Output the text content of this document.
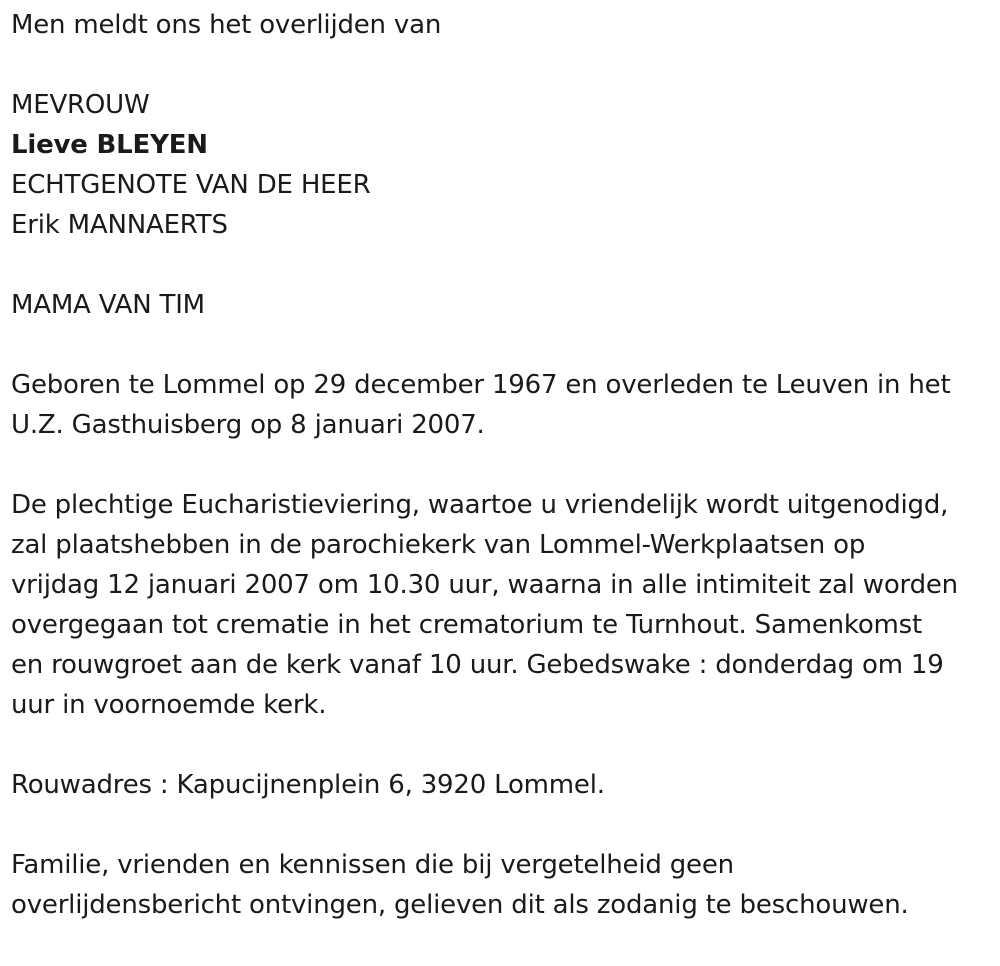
Men meldt ons het overlijden van
MEVROUW
Lieve BLEYEN
ECHTGENOTE VAN DE HEER
Erik MANNAERTS
MAMA VAN TIM
Geboren te Lommel op 29 december 1967 en overleden te Leuven in het
U.Z. Gasthuisberg op 8 januari 2007.
De plechtige Eucharistieviering, waartoe u vriendelijk wordt uitgenodigd,
zal plaatshebben in de parochiekerk van Lommel-Werkplaatsen op
vrijdag 12 januari 2007 om 10.30 uur, waarna in alle intimiteit zal worden
overgegaan tot crematie in het crematorium te Turnhout. Samenkomst
en rouwgroet aan de kerk vanaf 10 uur. Gebedswake : donderdag om 19
uur in voornoemde kerk.
Rouwadres : Kapucijnenplein 6, 3920 Lommel.
Familie, vrienden en kennissen die bij vergetelheid geen
overlijdensbericht ontvingen, gelieven dit als zodanig te beschouwen.
